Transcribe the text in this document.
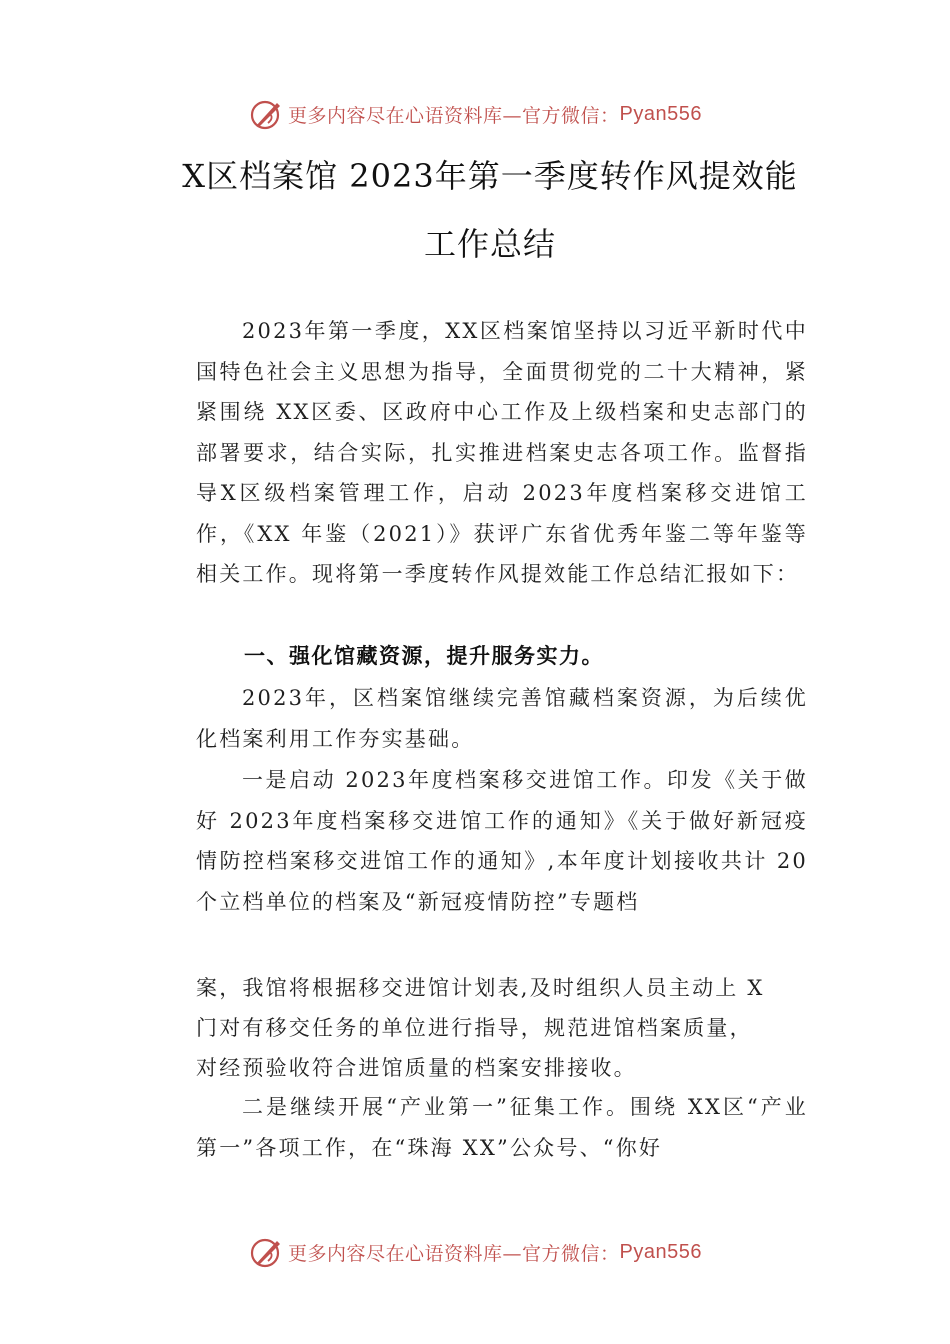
更多内容尽在心语资料库—官方微信： Pyan556
X区档案馆 2023年第一季度转作风提效能
工作总结

2023年第一季度，XX区档案馆坚持以习近平新时代中国特色社会主义思想为指导，全面贯彻党的二十大精神，紧紧围绕 XX区委、区政府中心工作及上级档案和史志部门的部署要求，结合实际，扎实推进档案史志各项工作。监督指导X区级档案管理工作，启动 2023年度档案移交进馆工作，《XX 年鉴（2021）》获评广东省优秀年鉴二等年鉴等相关工作。现将第一季度转作风提效能工作总结汇报如下：

一、强化馆藏资源，提升服务实力。

2023年，区档案馆继续完善馆藏档案资源，为后续优化档案利用工作夯实基础。

一是启动 2023年度档案移交进馆工作。印发《关于做好 2023年度档案移交进馆工作的通知》《关于做好新冠疫情防控档案移交进馆工作的通知》,本年度计划接收共计 20 个立档单位的档案及“新冠疫情防控”专题档

案，我馆将根据移交进馆计划表,及时组织人员主动上 X
门对有移交任务的单位进行指导，规范进馆档案质量，
对经预验收符合进馆质量的档案安排接收。

二是继续开展“产业第一”征集工作。围绕 XX区“产业第一”各项工作，在“珠海 XX”公众号、“你好

更多内容尽在心语资料库—官方微信： Pyan556
